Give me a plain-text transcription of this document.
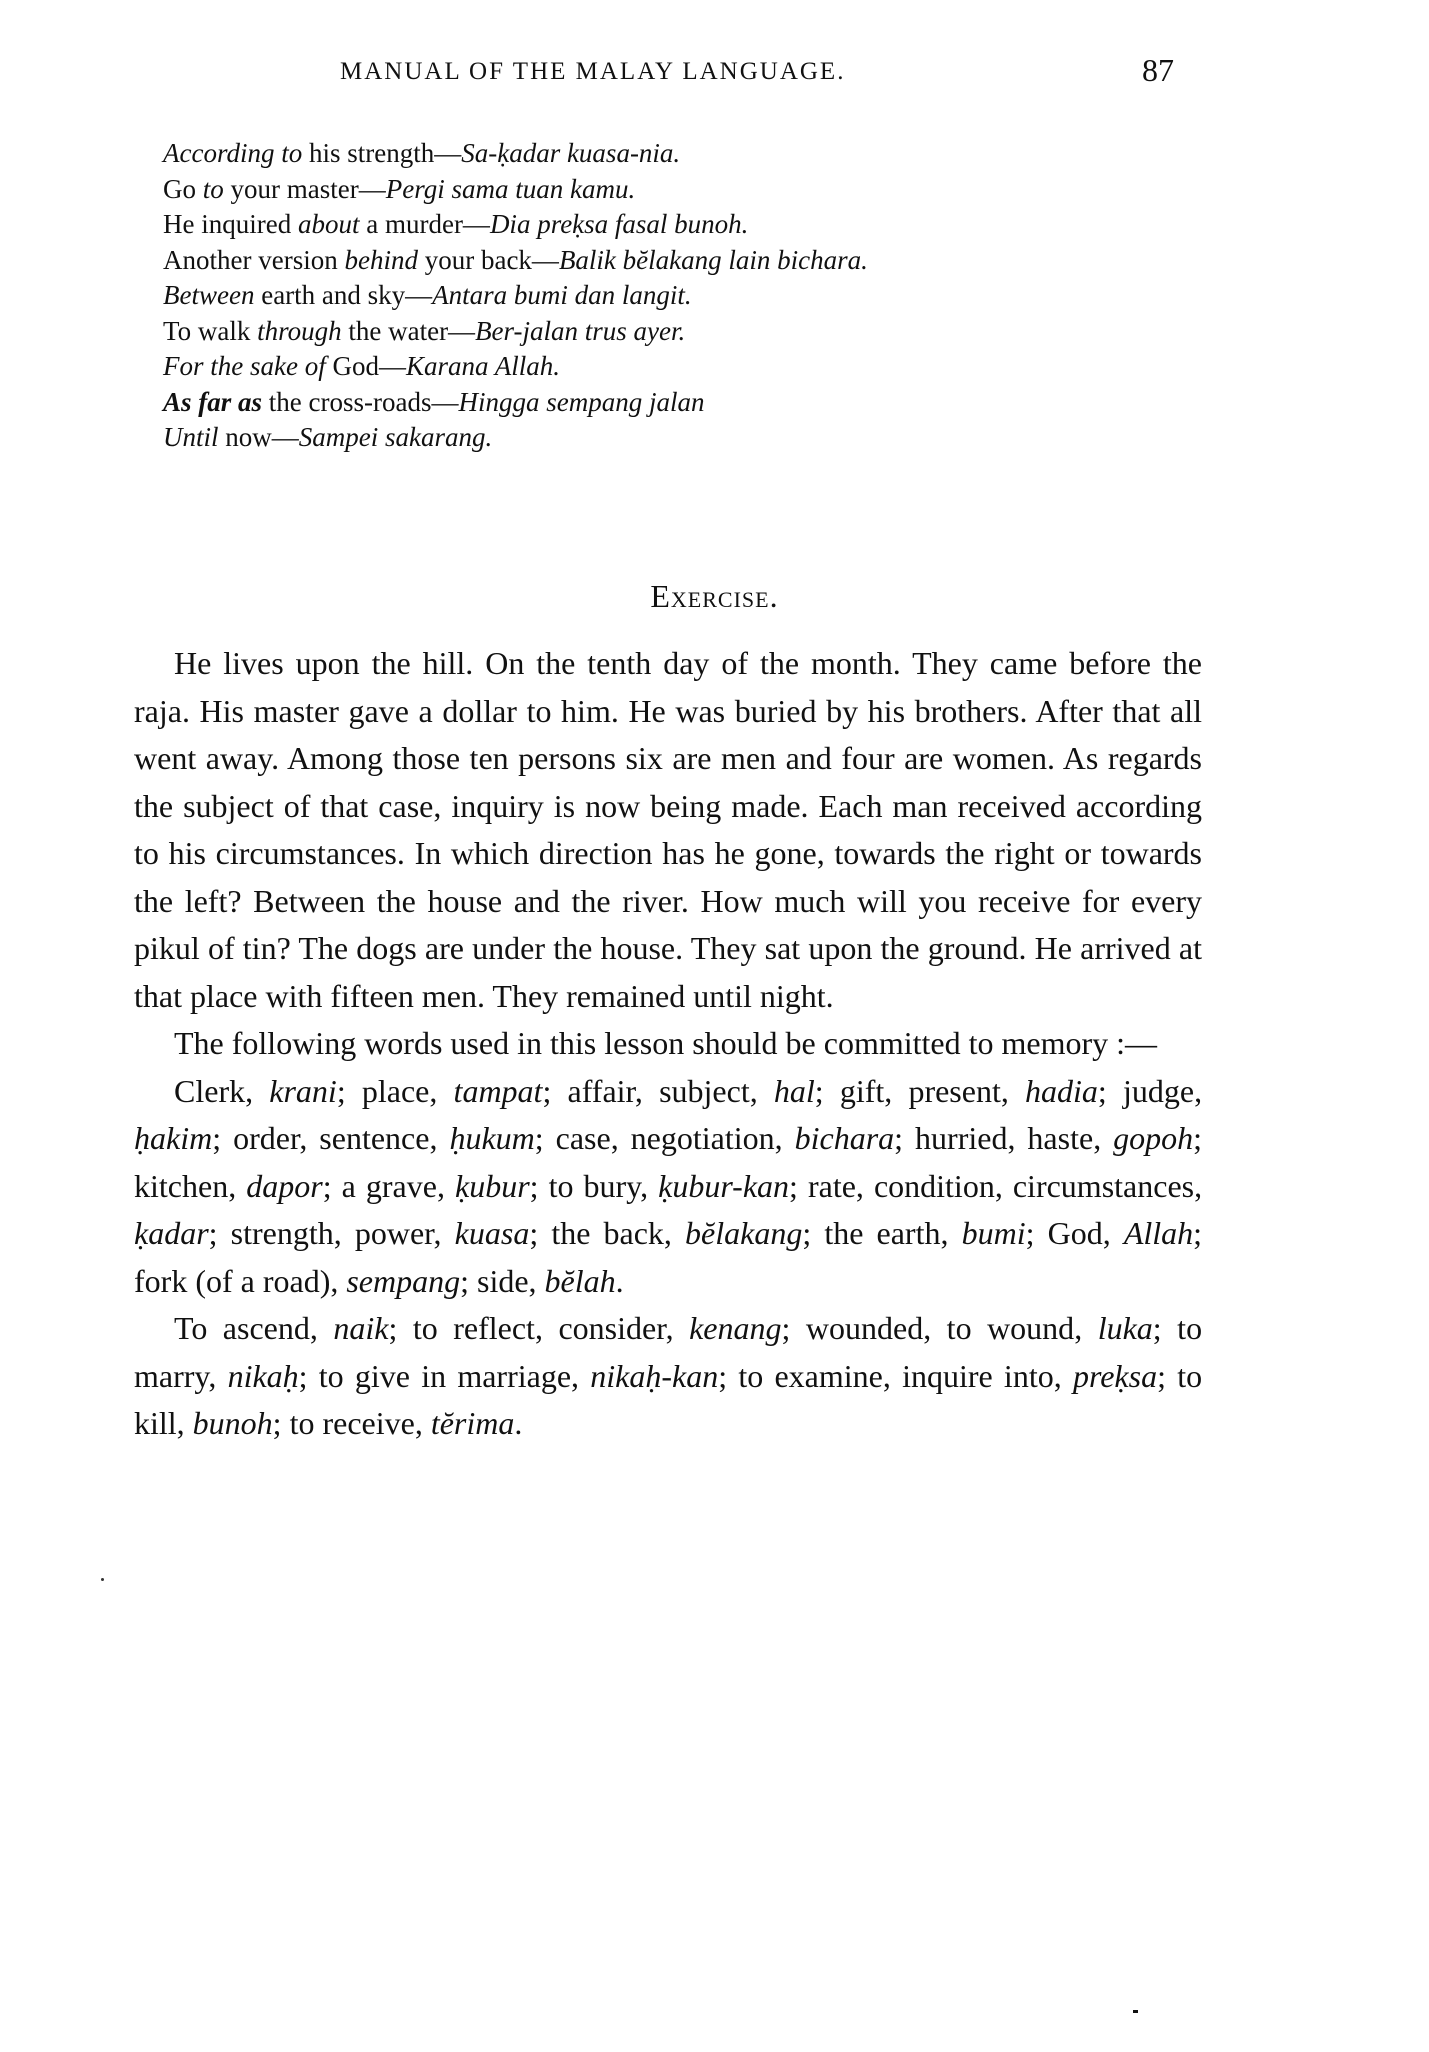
MANUAL OF THE MALAY LANGUAGE.	87
According to his strength—Sa-ḳadar kuasa-nia.
Go to your master—Pergi sama tuan kamu.
He inquired about a murder—Dia preḳsa fasal bunoh.
Another version behind your back—Balik bĕlakang lain bichara.
Between earth and sky—Antara bumi dan langit.
To walk through the water—Ber-jalan trus ayer.
For the sake of God—Karana Allah.
As far as the cross-roads—Hingga sempang jalan
Until now—Sampei sakarang.
Exercise.

He lives upon the hill. On the tenth day of the month. They came before the raja. His master gave a dollar to him. He was buried by his brothers. After that all went away. Among those ten persons six are men and four are women. As regards the subject of that case, inquiry is now being made. Each man received according to his circumstances. In which direction has he gone, towards the right or towards the left? Between the house and the river. How much will you receive for every pikul of tin? The dogs are under the house. They sat upon the ground. He arrived at that place with fifteen men. They remained until night.

The following words used in this lesson should be committed to memory :—

Clerk, krani; place, tampat; affair, subject, hal; gift, present, hadia; judge, ḥakim; order, sentence, ḥukum; case, negotiation, bichara; hurried, haste, gopoh; kitchen, dapor; a grave, ḳubur; to bury, ḳubur-kan; rate, condition, circumstances, ḳadar; strength, power, kuasa; the back, bĕlakang; the earth, bumi; God, Allah; fork (of a road), sempang; side, bĕlah.

To ascend, naik; to reflect, consider, kenang; wounded, to wound, luka; to marry, nikaḥ; to give in marriage, nikaḥ-kan; to examine, inquire into, preḳsa; to kill, bunoh; to receive, tĕrima.
